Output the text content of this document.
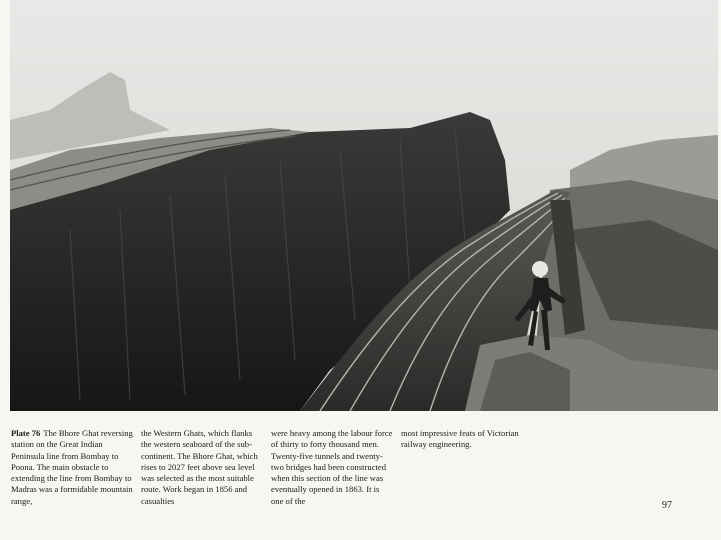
Plate 76 The Bhore Ghat reversing station on the Great Indian Peninsula line from Bombay to Poona. The main obstacle to extending the line from Bombay to Madras was a formidable mountain range,

the Western Ghats, which flanks the western seaboard of the sub-continent. The Bhore Ghat, which rises to 2027 feet above sea level was selected as the most suitable route. Work began in 1856 and casualties

were heavy among the labour force of thirty to forty thousand men. Twenty-five tunnels and twenty-two bridges had been constructed when this section of the line was eventually opened in 1863. It is one of the

most impressive feats of Victorian railway engineering.

97
